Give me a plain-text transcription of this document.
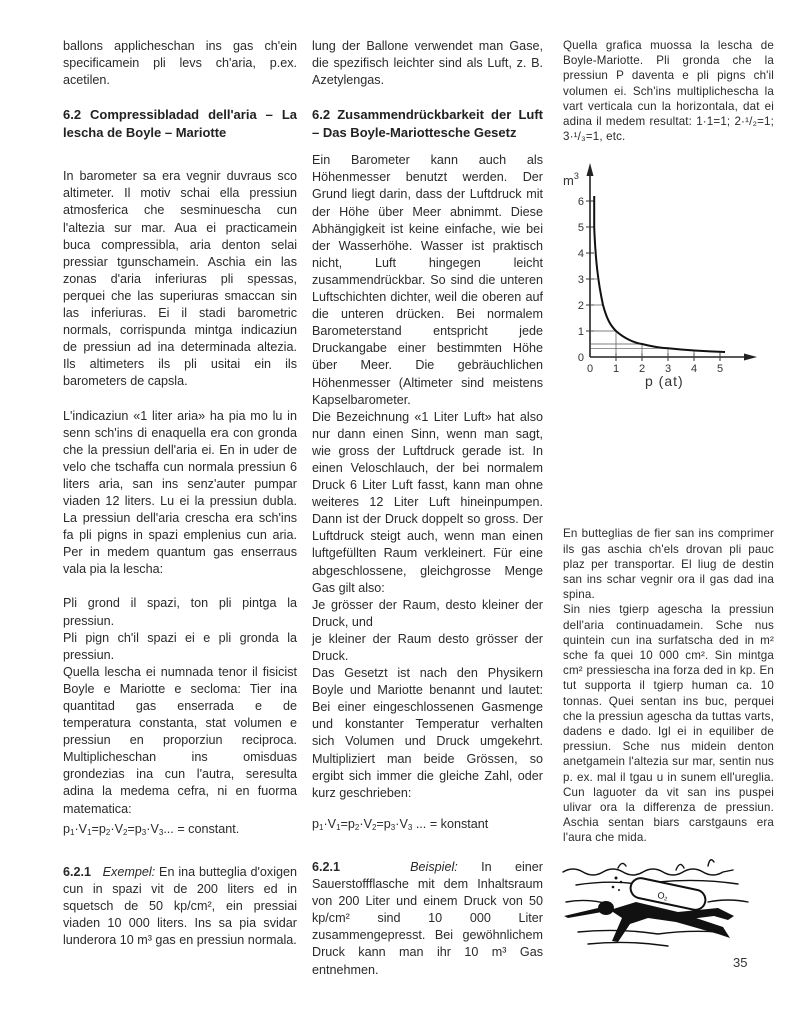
ballons applicheschan ins gas ch'ein specificamein pli levs ch'aria, p.ex. acetilen.

6.2 Compressibladad dell'aria – La lescha de Boyle – Mariotte

In barometer sa era vegnir duvraus sco altimeter. Il motiv schai ella pressiun atmosferica che sesminuescha cun l'altezia sur mar. Aua ei practicamein buca compressibla, aria denton selai pressiar tgunschamein. Aschia ein las zonas d'aria inferiuras pli spessas, perquei che las superiuras smaccan sin las inferiuras. Ei il stadi barometric normals, corrispunda mintga indicaziun de pressiun ad ina determinada altezia. Ils altimeters ils pli usitai ein ils barometers de capsla.

L'indicaziun «1 liter aria» ha pia mo lu in senn sch'ins di enaquella era con gronda che la pressiun dell'aria ei. En in uder de velo che tschaffa cun normala pressiun 6 liters aria, san ins senz'auter pumpar viaden 12 liters. Lu ei la pressiun dubla. La pressiun dell'aria crescha era sch'ins fa pli pigns in spazi emplenius cun aria. Per in medem quantum gas enserraus vala pia la lescha:

Pli grond il spazi, ton pli pintga la pressiun.

Pli pign ch'il spazi ei e pli gronda la pressiun.

Quella lescha ei numnada tenor il fisicist Boyle e Mariotte e secloma: Tier ina quantitad gas enserrada e de temperatura constanta, stat volumen e pressiun en proporziun reciproca. Multiplicheschan ins omisduas grondezias ina cun l'autra, seresulta adina la medema cefra, ni en fuorma matematica:

$p_1\cdot V_1=p_2\cdot V_2=p_3\cdot V_3$... = constant.

6.2.1 Exempel: En ina butteglia d'oxigen cun in spazi vit de 200 liters ed in squetsch de 50 kp/cm², ein pressiai viaden 10 000 liters. Ins sa pia svidar lunderora 10 m³ gas en pressiun normala.

lung der Ballone verwendet man Gase, die spezifisch leichter sind als Luft, z. B. Azetylengas.

6.2 Zusammendrückbarkeit der Luft – Das Boyle-Mariottesche Gesetz

Ein Barometer kann auch als Höhenmesser benutzt werden. Der Grund liegt darin, dass der Luftdruck mit der Höhe über Meer abnimmt. Diese Abhängigkeit ist keine einfache, wie bei der Wasserhöhe. Wasser ist praktisch nicht, Luft hingegen leicht zusammendrückbar. So sind die unteren Luftschichten dichter, weil die oberen auf die unteren drücken. Bei normalem Barometerstand entspricht jede Druckangabe einer bestimmten Höhe über Meer. Die gebräuchlichen Höhenmesser (Altimeter sind meistens Kapselbarometer.

Die Bezeichnung «1 Liter Luft» hat also nur dann einen Sinn, wenn man sagt, wie gross der Luftdruck gerade ist. In einen Veloschlauch, der bei normalem Druck 6 Liter Luft fasst, kann man ohne weiteres 12 Liter Luft hineinpumpen. Dann ist der Druck doppelt so gross. Der Luftdruck steigt auch, wenn man einen luftgefüllten Raum verkleinert. Für eine abgeschlossene, gleichgrosse Menge Gas gilt also:

Je grösser der Raum, desto kleiner der Druck, und

je kleiner der Raum desto grösser der Druck.

Das Gesetzt ist nach den Physikern Boyle und Mariotte benannt und lautet: Bei einer eingeschlossenen Gasmenge und konstanter Temperatur verhalten sich Volumen und Druck umgekehrt. Multipliziert man beide Grössen, so ergibt sich immer die gleiche Zahl, oder kurz geschrieben:

$p_1\cdot V_1=p_2\cdot V_2=p_3\cdot V_3$ ... = konstant

6.2.1	Beispiel: In einer Sauerstoffflasche mit dem Inhaltsraum von 200 Liter und einem Druck von 50 kp/cm² sind 10 000 Liter zusammengepresst. Bei gewöhnlichem Druck kann man ihr 10 m³ Gas entnehmen.

Quella grafica muossa la lescha de Boyle-Mariotte. Pli gronda che la pressiun P daventa e pli pigns ch'il volumen ei. Sch'ins multiplichescha la vart verticala cun la horizontala, dat ei adina il medem resultat: 1·1=1; 2·¹/₂=1; 3·¹/₃=1, etc.

En butteglias de fier san ins comprimer ils gas aschia ch'els drovan pli pauc plaz per transportar. El liug de destin san ins schar vegnir ora il gas dad ina spina.

Sin nies tgierp agescha la pressiun dell'aria continuadamein. Sche nus quintein cun ina surfatscha ded in m² sche fa quei 10 000 cm². Sin mintga cm² pressiescha ina forza ded in kp. En tut supporta il tgierp human ca. 10 tonnas. Quei sentan ins buc, perquei che la pressiun agescha da tuttas varts, dadens e dado. Igl ei in equiliber de pressiun. Sche nus midein denton anetgamein l'altezia sur mar, sentin nus p. ex. mal il tgau u in sunem ell'ureglia. Cun laguoter da vit san ins puspei ulivar ora la differenza de pressiun. Aschia sentan biars carstgauns era l'aura che mida.

0
1
2
3
4
5
6
0 1 2 3 4 5
$m^3$
p (at)
O₂
35
